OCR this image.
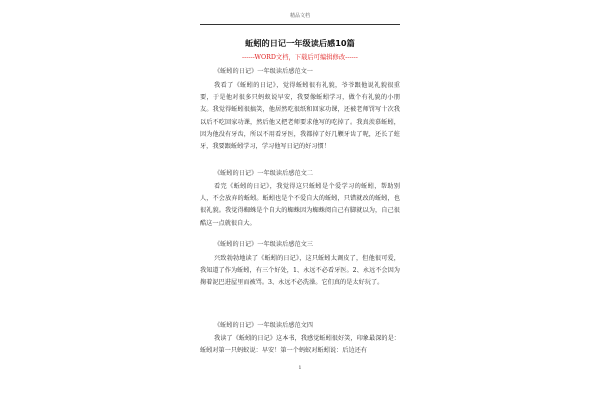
精品文档
蚯蚓的日记一年级读后感10篇
------WORD文档，下载后可编辑修改------
《蚯蚓的日记》一年级读后感范文一
我看了《蚯蚓的日记》，觉得蚯蚓很有礼貌，爷爷跟他说礼貌很重要，于是他对很多只蚂蚁说早安，我要像蚯蚓学习，做个有礼貌的小朋友。我觉得蚯蚓很搞笑，他居然吃很纸和回家功课，还被老师罚写十次我以后不吃回家功课，然后他又把老师要求他写的吃掉了。我真羡慕蚯蚓，因为他没有牙齿，所以不用看牙医，我都掉了好几颗牙齿了呢，还长了蛀牙，我要跟蚯蚓学习，学习他写日记的好习惯！
《蚯蚓的日记》一年级读后感范文二
看完《蚯蚓的日记》，我觉得这只蚯蚓是个爱学习的蚯蚓，帮助别人，不会放弃的蚯蚓。蚯蚓也是个不爱自大的蚯蚓，只错就改的蚯蚓，也很礼貌。我觉得蜘蛛是个自大的蜘蛛因为蜘蛛阅自己有脚就以为，自己很酷这一点就很自大。
《蚯蚓的日记》一年级读后感范文三
兴致勃勃地读了《蚯蚓的日记》，这只蚯蚓太调皮了，但他很可爱，我知道了作为蚯蚓，有三个好处，1、永远不必看牙医。2、永远不会因为掬着泥巴进屋里而被骂。3、永远不必洗澡。它们真的是太好玩了。
《蚯蚓的日记》一年级读后感范文四
我读了《蚯蚓的日记》这本书，我感觉蚯蚓很好笑，印象最深的是：蚯蚓对第一只蚂蚁说：早安！第一个蚂蚁对蚯蚓说：后边还有
1
